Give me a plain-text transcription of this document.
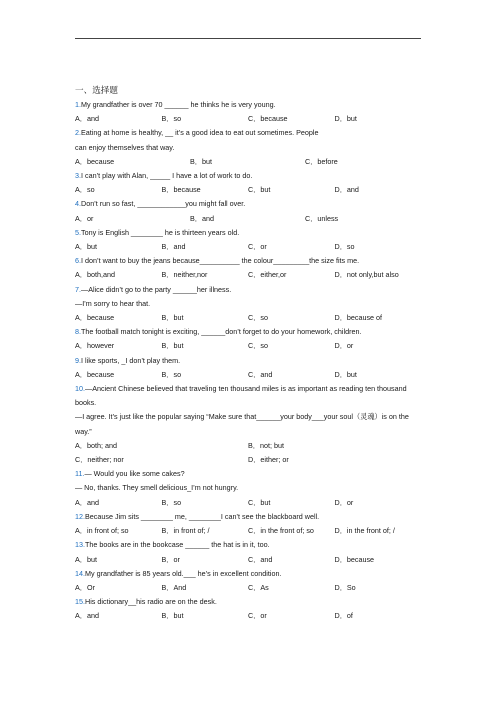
一、选择题
1.My grandfather is over 70 ______ he thinks he is very young.
A．and	B．so	C．because	D．but
2.Eating at home is healthy, __ it’s a good idea to eat out sometimes. People
can enjoy themselves that way.
A．because	B．but	C．before
3.I can’t play with Alan, _____ I have a lot of work to do.
A．so	B．because	C．but	D．and
4.Don’t run so fast, ____________you might fall over.
A．or	B．and	C．unless
5.Tony is English ________ he is thirteen years old.
A．but	B．and	C．or	D．so
6.I don’t want to buy the jeans because__________ the colour_________the size fits me.
A．both,and	B．neither,nor	C．either,or	D．not only,but also
7.—Alice didn’t go to the party ______her illness.
—I’m sorry to hear that.
A．because	B．but	C．so	D．because of
8.The football match tonight is exciting, ______don’t forget to do your homework, children.
A．however	B．but	C．so	D．or
9.I like sports, _I don’t play them.
A．because	B．so	C．and	D．but
10.—Ancient Chinese believed that traveling ten thousand miles is as important as reading ten thousand books.
—I agree. It’s just like the popular saying “Make sure that______your body___your soul（灵魂）is on the way.”
A．both; and	B．not; but
C．neither; nor	D．either; or
11.— Would you like some cakes?
— No, thanks. They smell delicious_I’m not hungry.
A．and	B．so	C．but	D．or
12.Because Jim sits ________ me, ________I can’t see the blackboard well.
A．in front of; so	B．in front of; /	C．in the front of; so	D．in the front of; /
13.The books are in the bookcase ______ the hat is in it, too.
A．but	B．or	C．and	D．because
14.My grandfather is 85 years old.___ he’s in excellent condition.
A．Or	B．And	C．As	D．So
15.His dictionary__his radio are on the desk.
A．and	B．but	C．or	D．of
